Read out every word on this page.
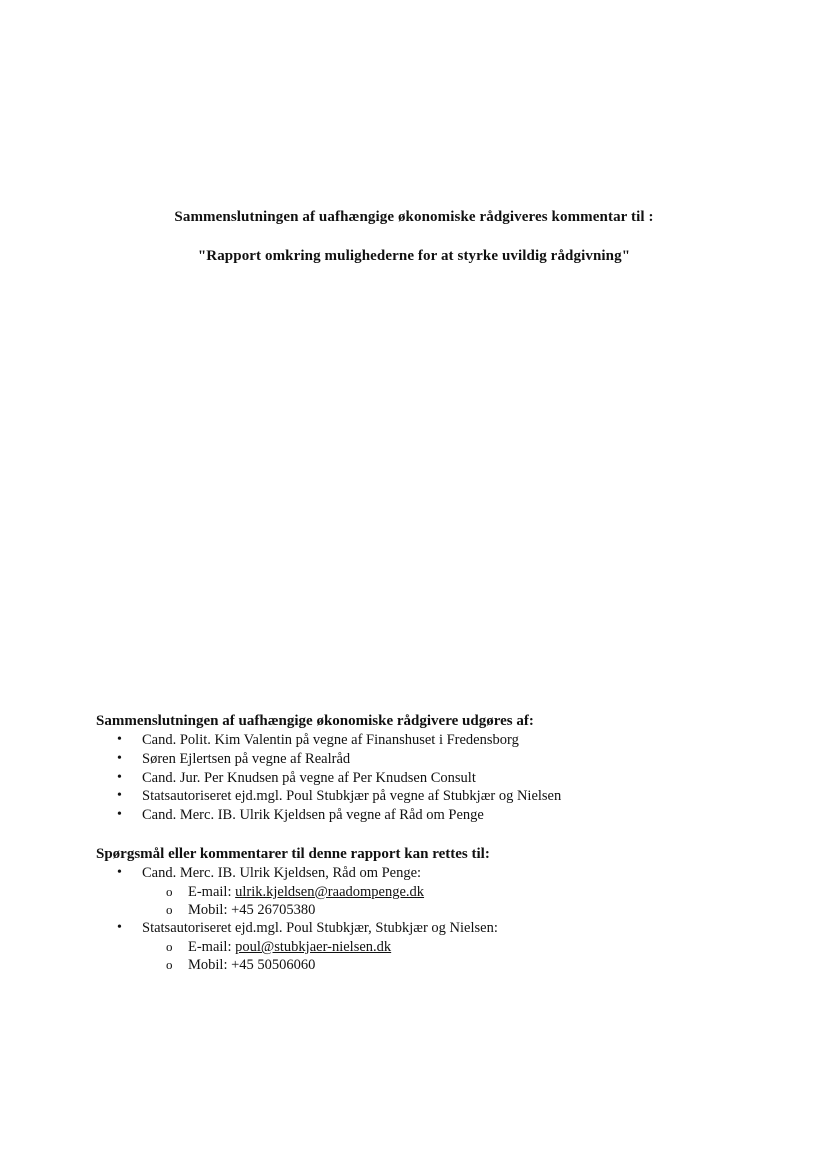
Sammenslutningen af uafhængige økonomiske rådgiveres kommentar til :
"Rapport omkring mulighederne for at styrke uvildig rådgivning"

Sammenslutningen af uafhængige økonomiske rådgivere udgøres af:

• Cand. Polit. Kim Valentin på vegne af Finanshuset i Fredensborg
• Søren Ejlertsen på vegne af Realråd
• Cand. Jur. Per Knudsen på vegne af Per Knudsen Consult
• Statsautoriseret ejd.mgl. Poul Stubkjær på vegne af Stubkjær og Nielsen
• Cand. Merc. IB. Ulrik Kjeldsen på vegne af Råd om Penge

Spørgsmål eller kommentarer til denne rapport kan rettes til:

• Cand. Merc. IB. Ulrik Kjeldsen, Råd om Penge:
o E-mail: ulrik.kjeldsen@raadompenge.dk
o Mobil: +45 26705380
• Statsautoriseret ejd.mgl. Poul Stubkjær, Stubkjær og Nielsen:
o E-mail: poul@stubkjaer-nielsen.dk
o Mobil: +45 50506060
